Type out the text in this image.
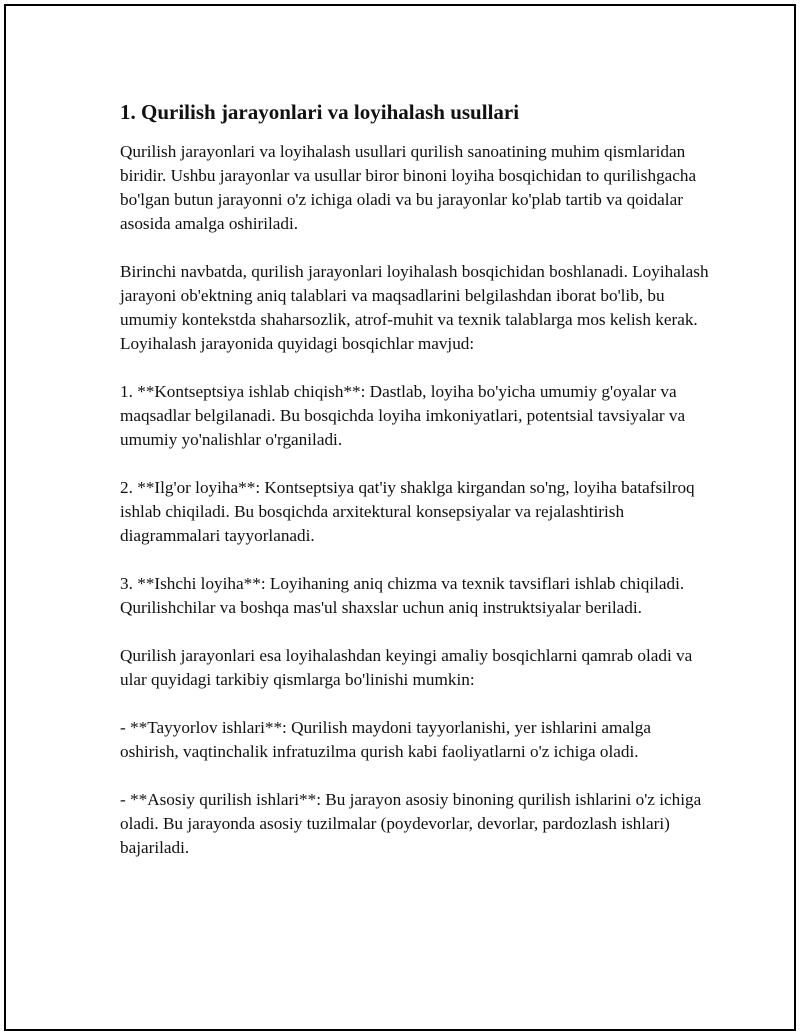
1. Qurilish jarayonlari va loyihalash usullari

Qurilish jarayonlari va loyihalash usullari qurilish sanoatining muhim qismlaridan biridir. Ushbu jarayonlar va usullar biror binoni loyiha bosqichidan to qurilishgacha bo'lgan butun jarayonni o'z ichiga oladi va bu jarayonlar ko'plab tartib va qoidalar asosida amalga oshiriladi.

Birinchi navbatda, qurilish jarayonlari loyihalash bosqichidan boshlanadi. Loyihalash jarayoni ob'ektning aniq talablari va maqsadlarini belgilashdan iborat bo'lib, bu umumiy kontekstda shaharsozlik, atrof-muhit va texnik talablarga mos kelish kerak. Loyihalash jarayonida quyidagi bosqichlar mavjud:

1. **Kontseptsiya ishlab chiqish**: Dastlab, loyiha bo'yicha umumiy g'oyalar va maqsadlar belgilanadi. Bu bosqichda loyiha imkoniyatlari, potentsial tavsiyalar va umumiy yo'nalishlar o'rganiladi.

2. **Ilg'or loyiha**: Kontseptsiya qat'iy shaklga kirgandan so'ng, loyiha batafsilroq ishlab chiqiladi. Bu bosqichda arxitektural konsepsiyalar va rejalashtirish diagrammalari tayyorlanadi.

3. **Ishchi loyiha**: Loyihaning aniq chizma va texnik tavsiflari ishlab chiqiladi. Qurilishchilar va boshqa mas'ul shaxslar uchun aniq instruktsiyalar beriladi.

Qurilish jarayonlari esa loyihalashdan keyingi amaliy bosqichlarni qamrab oladi va ular quyidagi tarkibiy qismlarga bo'linishi mumkin:

- **Tayyorlov ishlari**: Qurilish maydoni tayyorlanishi, yer ishlarini amalga oshirish, vaqtinchalik infratuzilma qurish kabi faoliyatlarni o'z ichiga oladi.

- **Asosiy qurilish ishlari**: Bu jarayon asosiy binoning qurilish ishlarini o'z ichiga oladi. Bu jarayonda asosiy tuzilmalar (poydevorlar, devorlar, pardozlash ishlari) bajariladi.
